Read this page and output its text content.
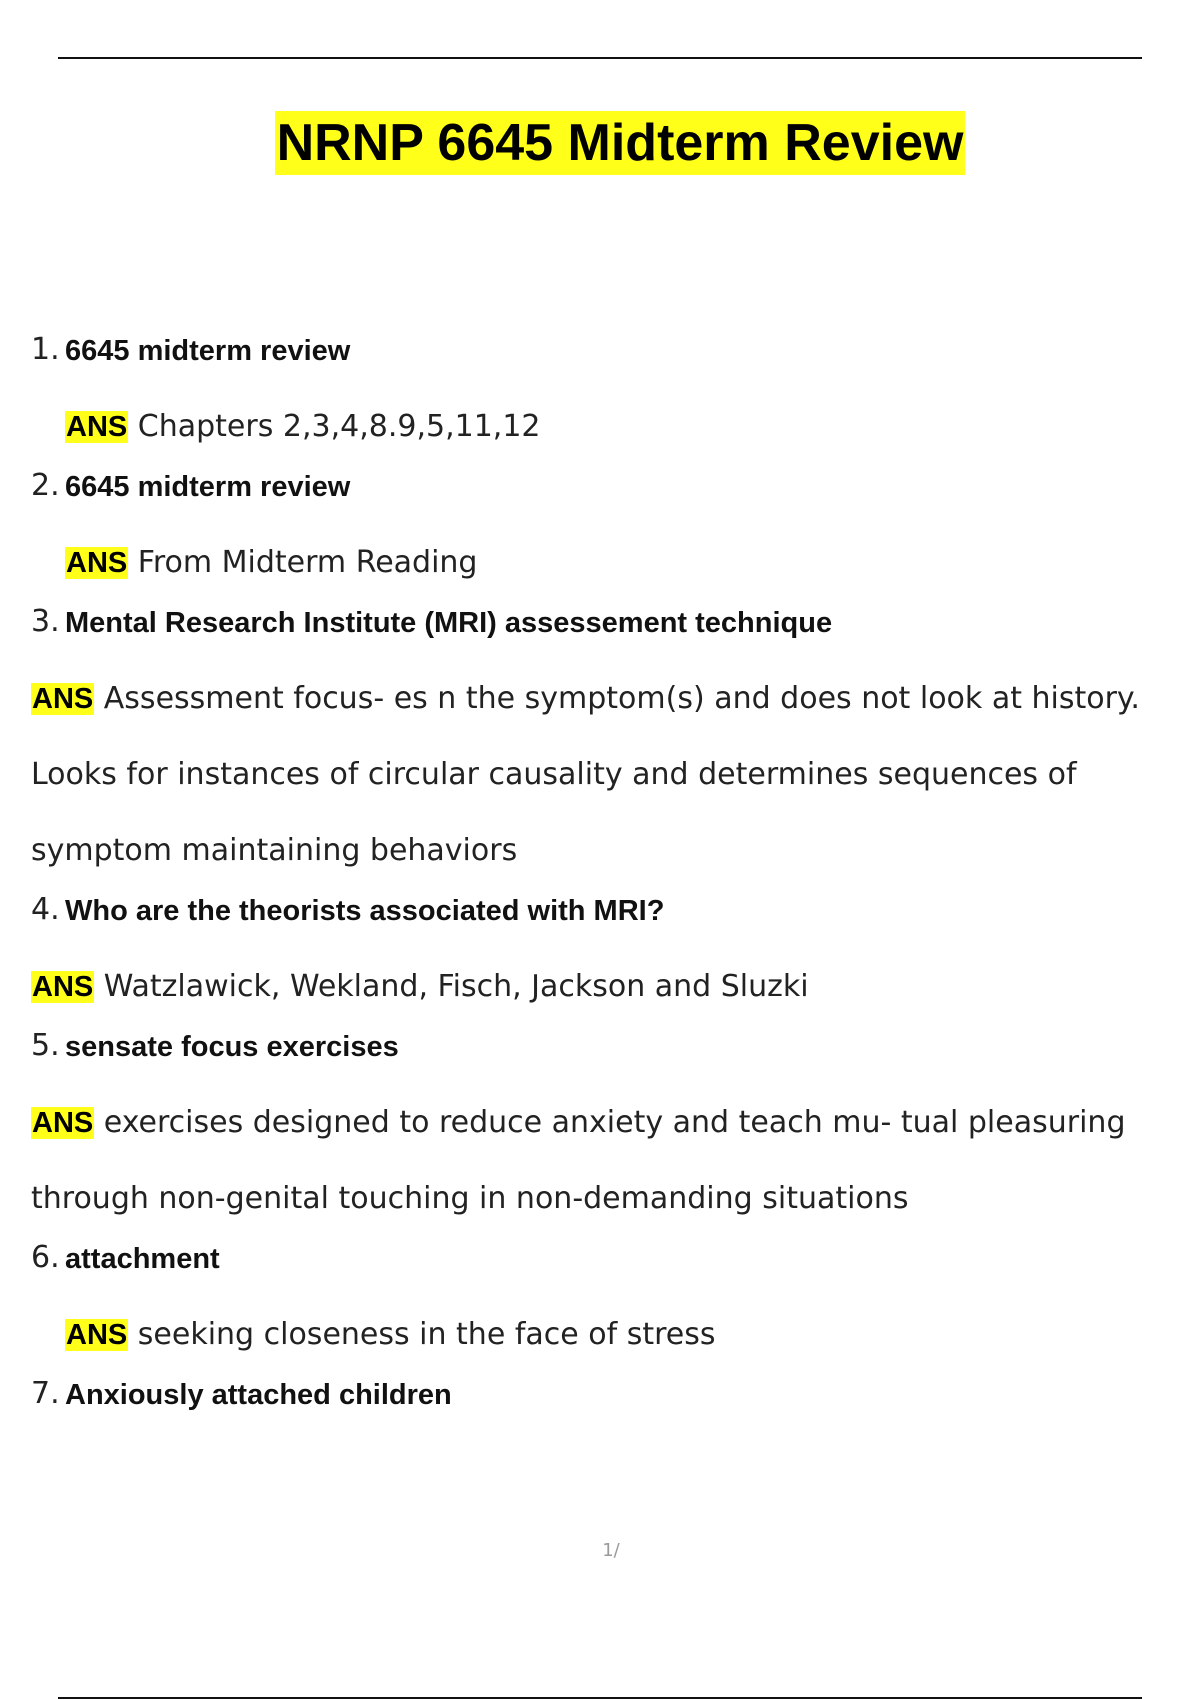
NRNP 6645 Midterm Review
1. 6645 midterm review
ANS Chapters 2,3,4,8.9,5,11,12
2. 6645 midterm review
ANS From Midterm Reading
3. Mental Research Institute (MRI) assessement technique
ANS Assessment focus- es n the symptom(s) and does not look at history. Looks for instances of circular causality and determines sequences of symptom maintaining behaviors
4. Who are the theorists associated with MRI?
ANS Watzlawick, Wekland, Fisch, Jackson and Sluzki
5. sensate focus exercises
ANS exercises designed to reduce anxiety and teach mu- tual pleasuring through non-genital touching in non-demanding situations
6. attachment
ANS seeking closeness in the face of stress
7. Anxiously attached children
1/
